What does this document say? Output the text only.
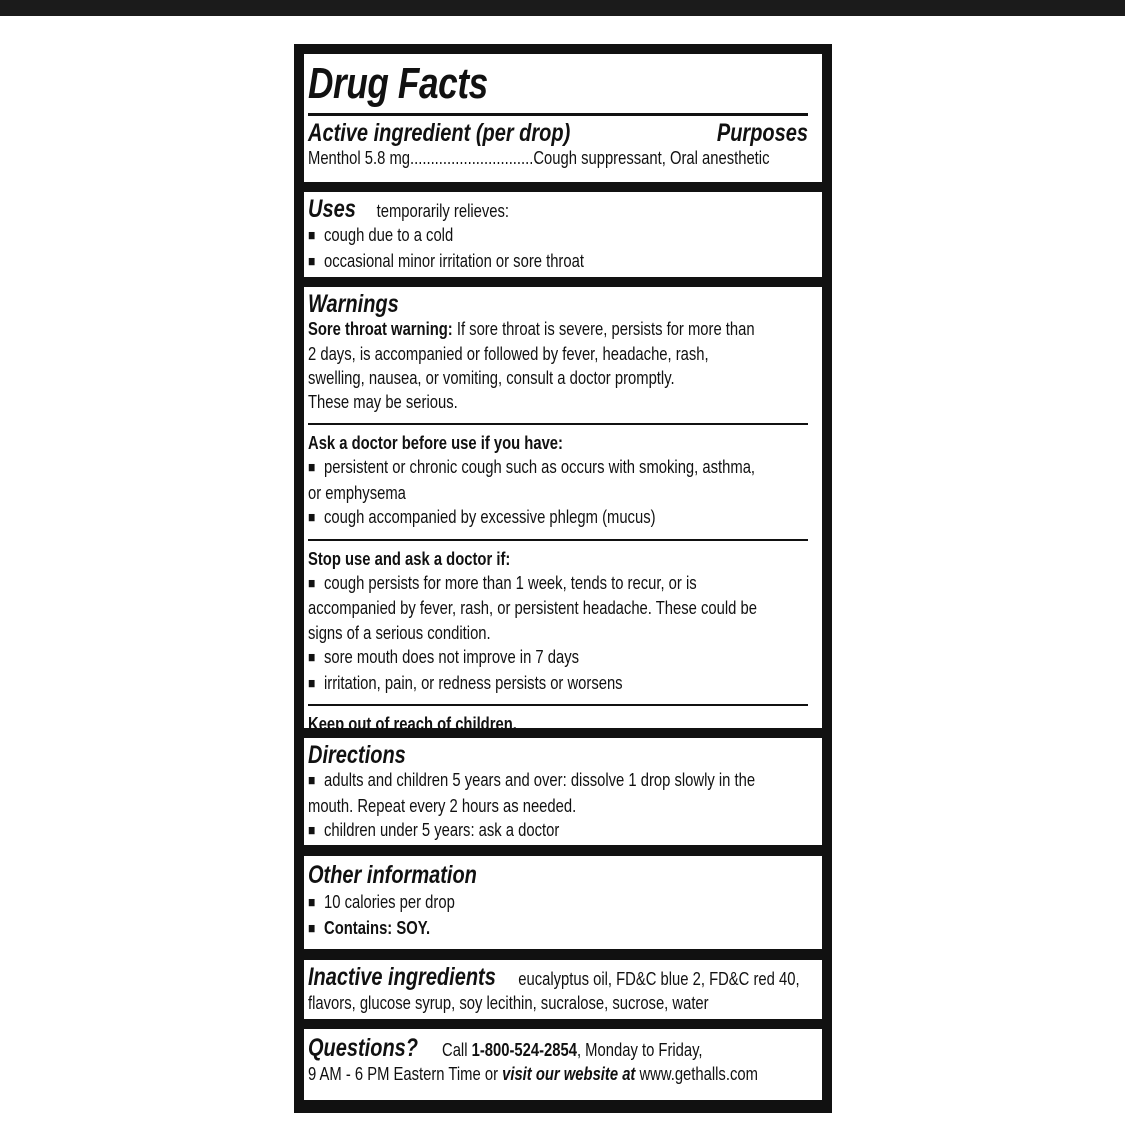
Drug Facts
Active ingredient (per drop)	Purposes
Menthol 5.8 mg..............................Cough suppressant, Oral anesthetic
Uses temporarily relieves:
■ cough due to a cold
■ occasional minor irritation or sore throat
Warnings
Sore throat warning: If sore throat is severe, persists for more than
2 days, is accompanied or followed by fever, headache, rash,
swelling, nausea, or vomiting, consult a doctor promptly.
These may be serious.
Ask a doctor before use if you have:
■ persistent or chronic cough such as occurs with smoking, asthma,
or emphysema
■ cough accompanied by excessive phlegm (mucus)
Stop use and ask a doctor if:
■ cough persists for more than 1 week, tends to recur, or is
accompanied by fever, rash, or persistent headache. These could be
signs of a serious condition.
■ sore mouth does not improve in 7 days
■ irritation, pain, or redness persists or worsens
Keep out of reach of children.
Directions
■ adults and children 5 years and over: dissolve 1 drop slowly in the
mouth. Repeat every 2 hours as needed.
■ children under 5 years: ask a doctor
Other information
■ 10 calories per drop
■ Contains: SOY.
Inactive ingredients eucalyptus oil, FD&C blue 2, FD&C red 40,
flavors, glucose syrup, soy lecithin, sucralose, sucrose, water
Questions? Call 1-800-524-2854, Monday to Friday,
9 AM - 6 PM Eastern Time or visit our website at www.gethalls.com
